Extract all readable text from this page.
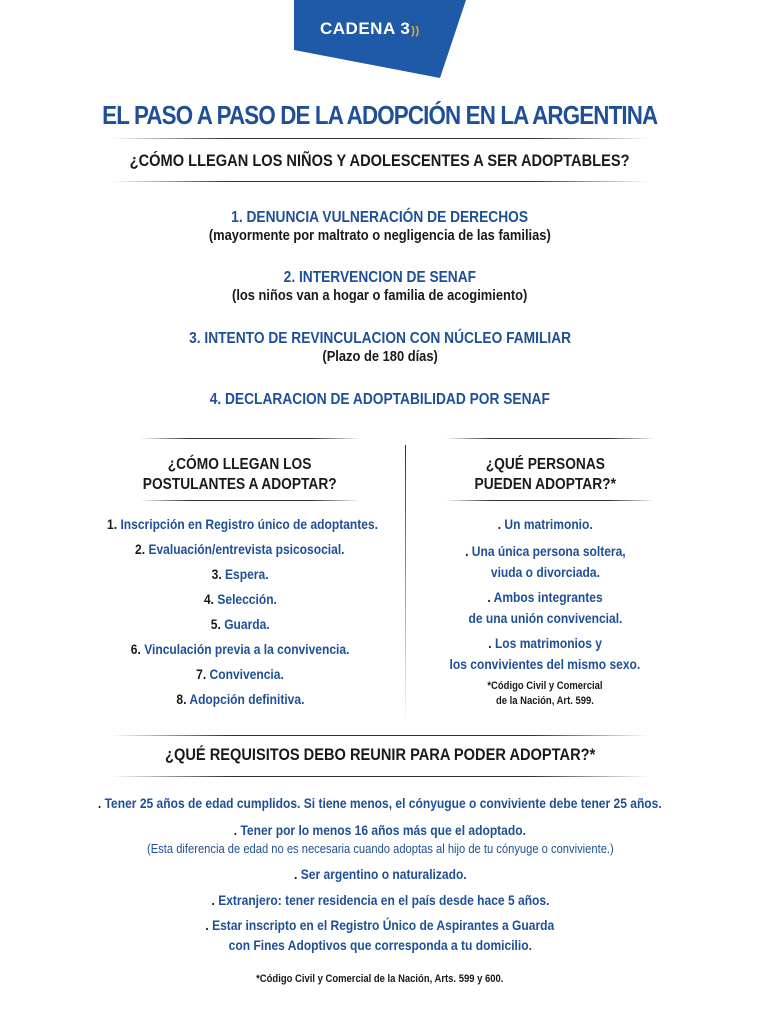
CADENA 3))
EL PASO A PASO DE LA ADOPCIÓN EN LA ARGENTINA
¿CÓMO LLEGAN LOS NIÑOS Y ADOLESCENTES A SER ADOPTABLES?
1. DENUNCIA VULNERACIÓN DE DERECHOS
(mayormente por maltrato o negligencia de las familias)
2. INTERVENCION DE SENAF
(los niños van a hogar o familia de acogimiento)
3. INTENTO DE REVINCULACION CON NÚCLEO FAMILIAR
(Plazo de 180 días)
4. DECLARACION DE ADOPTABILIDAD POR SENAF
¿CÓMO LLEGAN LOS
POSTULANTES A ADOPTAR?
1. Inscripción en Registro único de adoptantes.
2. Evaluación/entrevista psicosocial.
3. Espera.
4. Selección.
5. Guarda.
6. Vinculación previa a la convivencia.
7. Convivencia.
8. Adopción definitiva.
¿QUÉ PERSONAS
PUEDEN ADOPTAR?*
. Un matrimonio.
. Una única persona soltera,
viuda o divorciada.
. Ambos integrantes
de una unión convivencial.
. Los matrimonios y
los convivientes del mismo sexo.
*Código Civil y Comercial
de la Nación, Art. 599.
¿QUÉ REQUISITOS DEBO REUNIR PARA PODER ADOPTAR?*
. Tener 25 años de edad cumplidos. Si tiene menos, el cónyugue o conviviente debe tener 25 años.
. Tener por lo menos 16 años más que el adoptado.
(Esta diferencia de edad no es necesaria cuando adoptas al hijo de tu cónyuge o conviviente.)
. Ser argentino o naturalizado.
. Extranjero: tener residencia en el país desde hace 5 años.
. Estar inscripto en el Registro Único de Aspirantes a Guarda
con Fines Adoptivos que corresponda a tu domicilio.
*Código Civil y Comercial de la Nación, Arts. 599 y 600.
